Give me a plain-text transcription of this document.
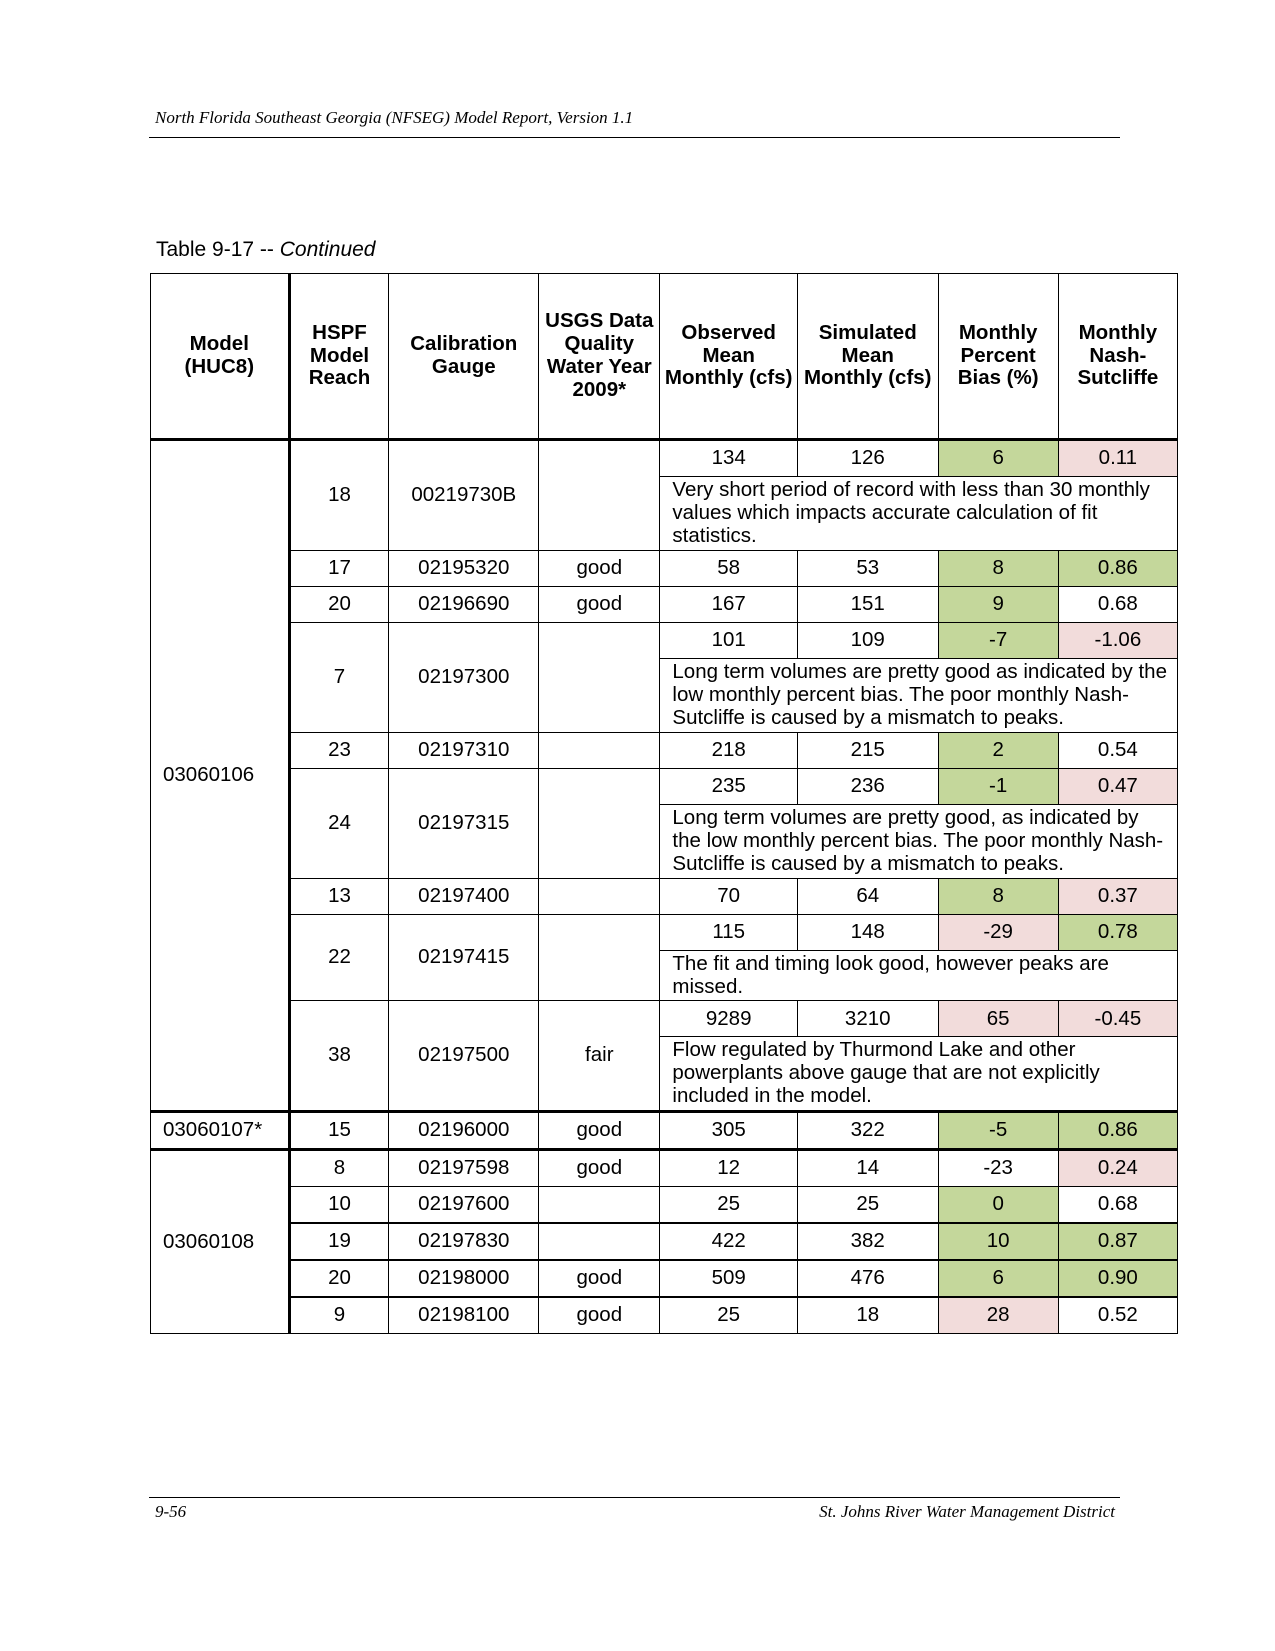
North Florida Southeast Georgia (NFSEG) Model Report, Version 1.1
Table 9-17 -- Continued
Model (HUC8)	HSPF Model Reach	Calibration Gauge	USGS Data Quality Water Year 2009*	Observed Mean Monthly (cfs)	Simulated Mean Monthly (cfs)	Monthly Percent Bias (%)	Monthly Nash-Sutcliffe
03060106	18	00219730B		134	126	6	0.11
				Very short period of record with less than 30 monthly values which impacts accurate calculation of fit statistics.			
	17	02195320	good	58	53	8	0.86
	20	02196690	good	167	151	9	0.68
	7	02197300		101	109	-7	-1.06
				Long term volumes are pretty good as indicated by the low monthly percent bias. The poor monthly Nash-Sutcliffe is caused by a mismatch to peaks.			
	23	02197310		218	215	2	0.54
	24	02197315		235	236	-1	0.47
				Long term volumes are pretty good, as indicated by the low monthly percent bias. The poor monthly Nash-Sutcliffe is caused by a mismatch to peaks.			
	13	02197400		70	64	8	0.37
	22	02197415		115	148	-29	0.78
				The fit and timing look good, however peaks are missed.			
	38	02197500	fair	9289	3210	65	-0.45
				Flow regulated by Thurmond Lake and other powerplants above gauge that are not explicitly included in the model.			
03060107*	15	02196000	good	305	322	-5	0.86
03060108	8	02197598	good	12	14	-23	0.24
	10	02197600		25	25	0	0.68
	19	02197830		422	382	10	0.87
	20	02198000	good	509	476	6	0.90
	9	02198100	good	25	18	28	0.52
9-56	St. Johns River Water Management District
